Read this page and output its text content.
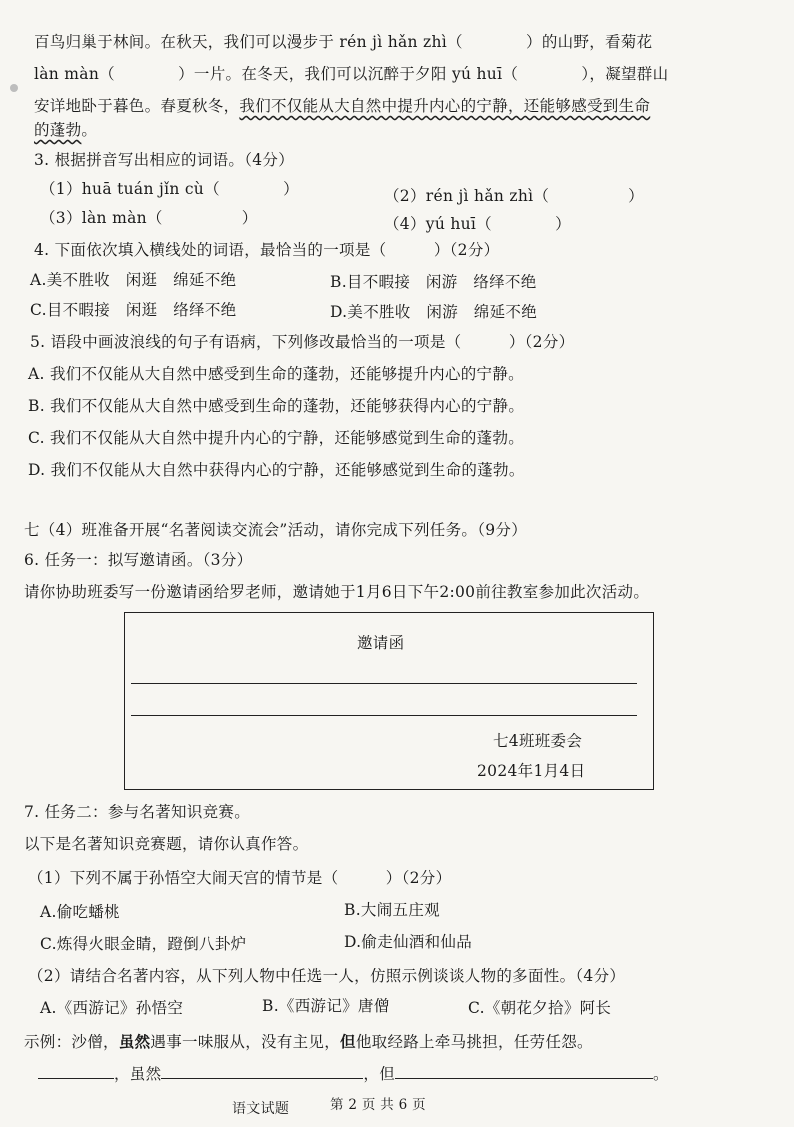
百鸟归巢于林间。在秋天，我们可以漫步于 rén jì hǎn zhì（　　　　）的山野，看菊花
làn màn（　　　　）一片。在冬天，我们可以沉醉于夕阳 yú huī（　　　　），凝望群山
安详地卧于暮色。春夏秋冬，我们不仅能从大自然中提升内心的宁静，还能够感受到生命
的蓬勃。
3. 根据拼音写出相应的词语。（4分）
（1）huā tuán jǐn cù（　　　　）	（2）rén jì hǎn zhì（　　　　　）
（3）làn màn（　　　　　）	（4）yú huī（　　　　）
4. 下面依次填入横线处的词语，最恰当的一项是（　　　）（2分）
A.美不胜收　闲逛　绵延不绝	B.目不暇接　闲游　络绎不绝
C.目不暇接　闲逛　络绎不绝	D.美不胜收　闲游　绵延不绝
5. 语段中画波浪线的句子有语病，下列修改最恰当的一项是（　　　）（2分）
A. 我们不仅能从大自然中感受到生命的蓬勃，还能够提升内心的宁静。
B. 我们不仅能从大自然中感受到生命的蓬勃，还能够获得内心的宁静。
C. 我们不仅能从大自然中提升内心的宁静，还能够感觉到生命的蓬勃。
D. 我们不仅能从大自然中获得内心的宁静，还能够感觉到生命的蓬勃。
七（4）班准备开展“名著阅读交流会”活动，请你完成下列任务。（9分）
6. 任务一：拟写邀请函。（3分）
请你协助班委写一份邀请函给罗老师，邀请她于1月6日下午2:00前往教室参加此次活动。
邀请函
七4班班委会
2024年1月4日
7. 任务二：参与名著知识竞赛。
以下是名著知识竞赛题，请你认真作答。
（1）下列不属于孙悟空大闹天宫的情节是（　　　）（2分）
A.偷吃蟠桃	B.大闹五庄观
C.炼得火眼金睛，蹬倒八卦炉	D.偷走仙酒和仙品
（2）请结合名著内容，从下列人物中任选一人，仿照示例谈谈人物的多面性。（4分）
A.《西游记》孙悟空	B.《西游记》唐僧	C.《朝花夕拾》阿长
示例：沙僧，虽然遇事一味服从，没有主见，但他取经路上牵马挑担，任劳任怨。
，虽然	，但	。
语文试题	第 2 页 共 6 页
